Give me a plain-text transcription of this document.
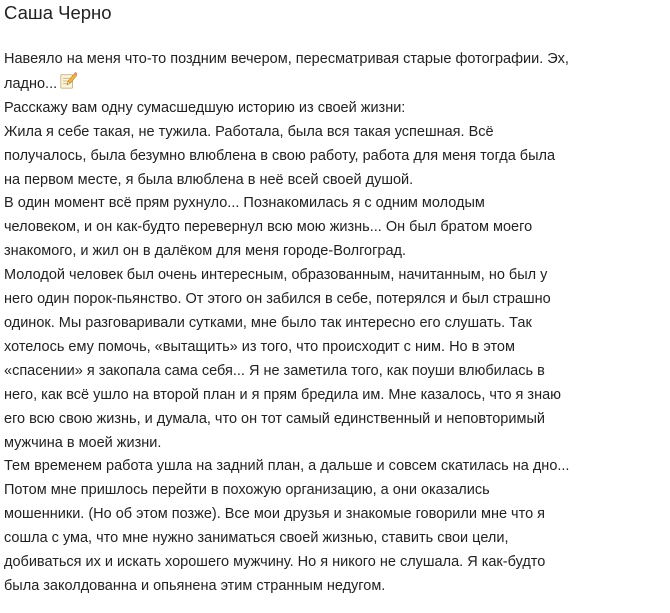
Саша Черно

Навеяло на меня что-то поздним вечером, пересматривая старые фотографии. Эх,
ладно...

Расскажу вам одну сумасшедшую историю из своей жизни:

Жила я себе такая, не тужила. Работала, была вся такая успешная. Всё
получалось, была безумно влюблена в свою работу, работа для меня тогда была
на первом месте, я была влюблена в неё всей своей душой.

В один момент всё прям рухнуло... Познакомилась я с одним молодым
человеком, и он как-будто перевернул всю мою жизнь... Он был братом моего
знакомого, и жил он в далёком для меня городе-Волгоград.

Молодой человек был очень интересным, образованным, начитанным, но был у
него один порок-пьянство. От этого он забился в себе, потерялся и был страшно
одинок. Мы разговаривали сутками, мне было так интересно его слушать. Так
хотелось ему помочь, «вытащить» из того, что происходит с ним. Но в этом
«спасении» я закопала сама себя... Я не заметила того, как поуши влюбилась в
него, как всё ушло на второй план и я прям бредила им. Мне казалось, что я знаю
его всю свою жизнь, и думала, что он тот самый единственный и неповторимый
мужчина в моей жизни.

Тем временем работа ушла на задний план, а дальше и совсем скатилась на дно...

Потом мне пришлось перейти в похожую организацию, а они оказались
мошенники. (Но об этом позже). Все мои друзья и знакомые говорили мне что я
сошла с ума, что мне нужно заниматься своей жизнью, ставить свои цели,
добиваться их и искать хорошего мужчину. Но я никого не слушала. Я как-будто
была заколдованна и опьянена этим странным недугом.
